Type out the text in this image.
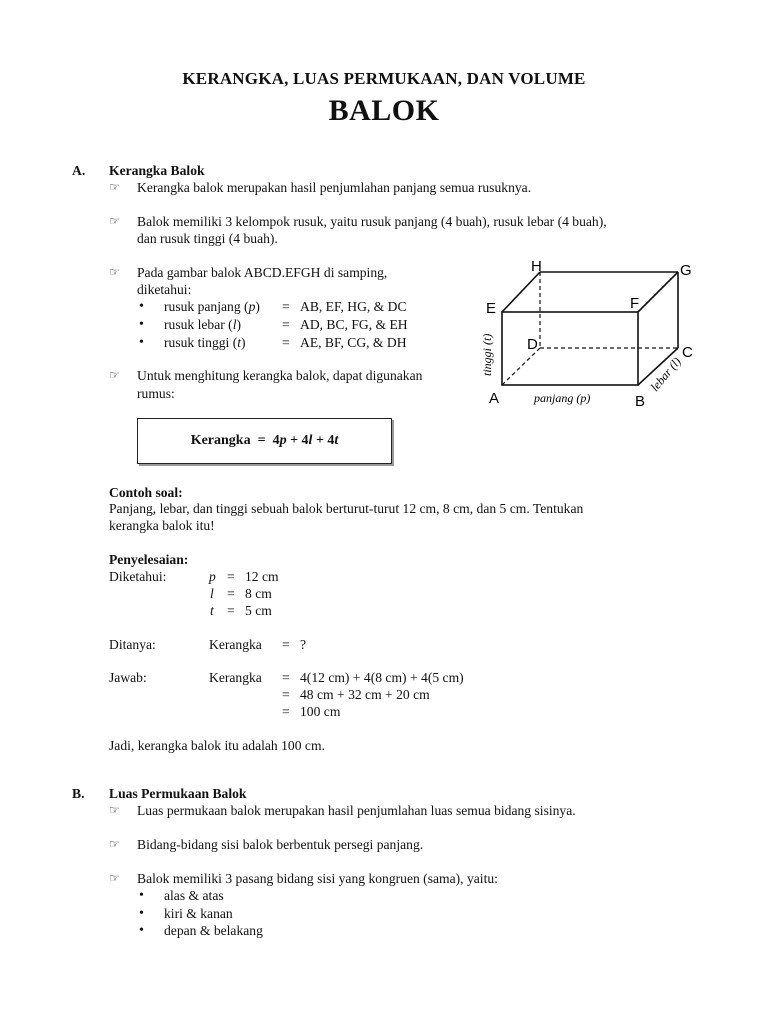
KERANGKA, LUAS PERMUKAAN, DAN VOLUME
BALOK
A. Kerangka Balok
☞ Kerangka balok merupakan hasil penjumlahan panjang semua rusuknya.
☞ Balok memiliki 3 kelompok rusuk, yaitu rusuk panjang (4 buah), rusuk lebar (4 buah),
dan rusuk tinggi (4 buah).
☞ Pada gambar balok ABCD.EFGH di samping,
diketahui:
• rusuk panjang (p) = AB, EF, HG, & DC
• rusuk lebar (l)	= AD, BC, FG, & EH
• rusuk tinggi (t)	= AE, BF, CG, & DH
☞ Untuk menghitung kerangka balok, dapat digunakan
rumus:
Kerangka = 4p + 4l + 4t
H	G
E	F
D	C
A	B
panjang (p)
tinggi (t)	lebar (l)
Contoh soal:
Panjang, lebar, dan tinggi sebuah balok berturut-turut 12 cm, 8 cm, dan 5 cm. Tentukan
kerangka balok itu!
Penyelesaian:
Diketahui:	p = 12 cm
l = 8 cm
t = 5 cm
Ditanya:	Kerangka = ?
Jawab:	Kerangka = 4(12 cm) + 4(8 cm) + 4(5 cm)
= 48 cm + 32 cm + 20 cm
= 100 cm
Jadi, kerangka balok itu adalah 100 cm.
B. Luas Permukaan Balok
☞ Luas permukaan balok merupakan hasil penjumlahan luas semua bidang sisinya.
☞ Bidang-bidang sisi balok berbentuk persegi panjang.
☞ Balok memiliki 3 pasang bidang sisi yang kongruen (sama), yaitu:
• alas & atas
• kiri & kanan
• depan & belakang
